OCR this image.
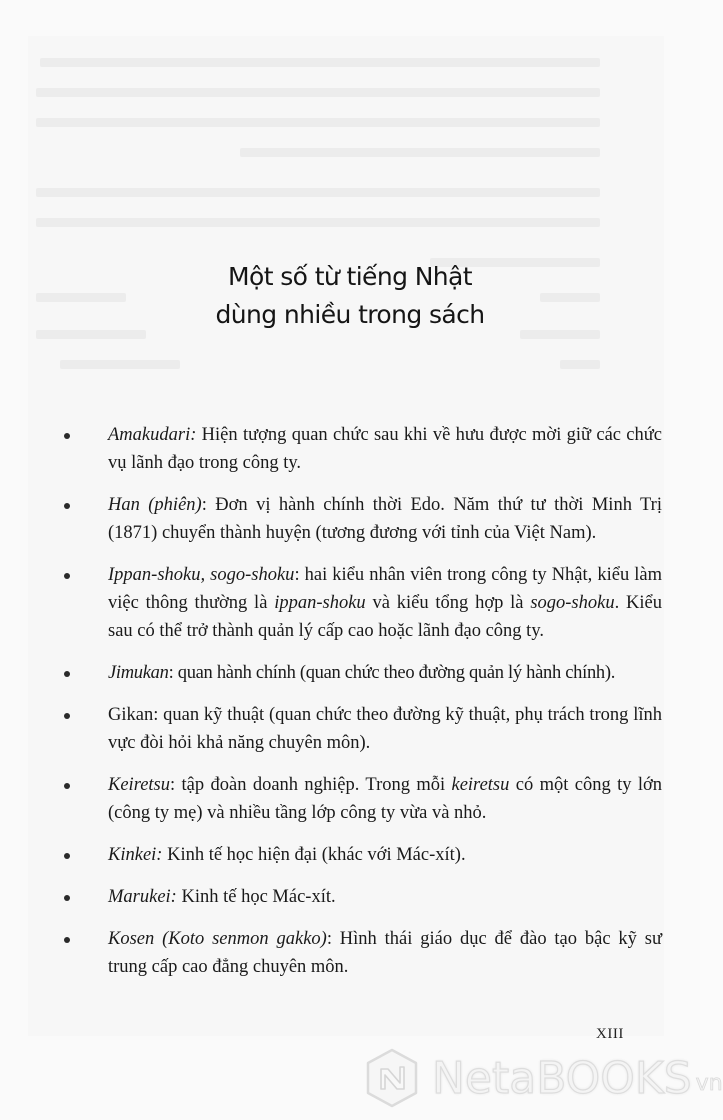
Một số từ tiếng Nhật
dùng nhiều trong sách
Amakudari: Hiện tượng quan chức sau khi về hưu được mời giữ các chức vụ lãnh đạo trong công ty.
Han (phiên): Đơn vị hành chính thời Edo. Năm thứ tư thời Minh Trị (1871) chuyển thành huyện (tương đương với tỉnh của Việt Nam).
Ippan-shoku, sogo-shoku: hai kiểu nhân viên trong công ty Nhật, kiểu làm việc thông thường là ippan-shoku và kiểu tổng hợp là sogo-shoku. Kiểu sau có thể trở thành quản lý cấp cao hoặc lãnh đạo công ty.
Jimukan: quan hành chính (quan chức theo đường quản lý hành chính).
Gikan: quan kỹ thuật (quan chức theo đường kỹ thuật, phụ trách trong lĩnh vực đòi hỏi khả năng chuyên môn).
Keiretsu: tập đoàn doanh nghiệp. Trong mỗi keiretsu có một công ty lớn (công ty mẹ) và nhiều tầng lớp công ty vừa và nhỏ.
Kinkei: Kinh tế học hiện đại (khác với Mác-xít).
Marukei: Kinh tế học Mác-xít.
Kosen (Koto senmon gakko): Hình thái giáo dục để đào tạo bậc kỹ sư trung cấp cao đẳng chuyên môn.
XIII
NetaBOOKS vn
